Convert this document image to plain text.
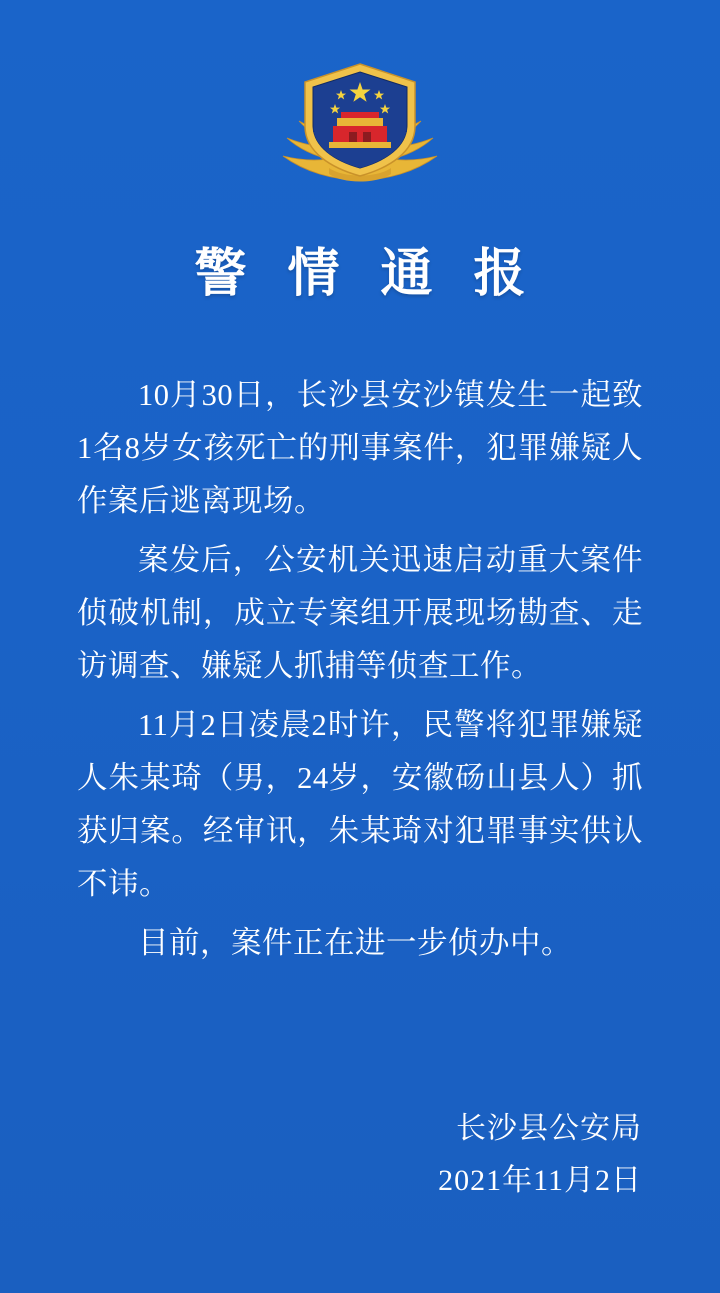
警 情 通 报

10月30日，长沙县安沙镇发生一起致1名8岁女孩死亡的刑事案件，犯罪嫌疑人作案后逃离现场。

案发后，公安机关迅速启动重大案件侦破机制，成立专案组开展现场勘查、走访调查、嫌疑人抓捕等侦查工作。

11月2日凌晨2时许，民警将犯罪嫌疑人朱某琦（男，24岁，安徽砀山县人）抓获归案。经审讯，朱某琦对犯罪事实供认不讳。

目前，案件正在进一步侦办中。

长沙县公安局
2021年11月2日
